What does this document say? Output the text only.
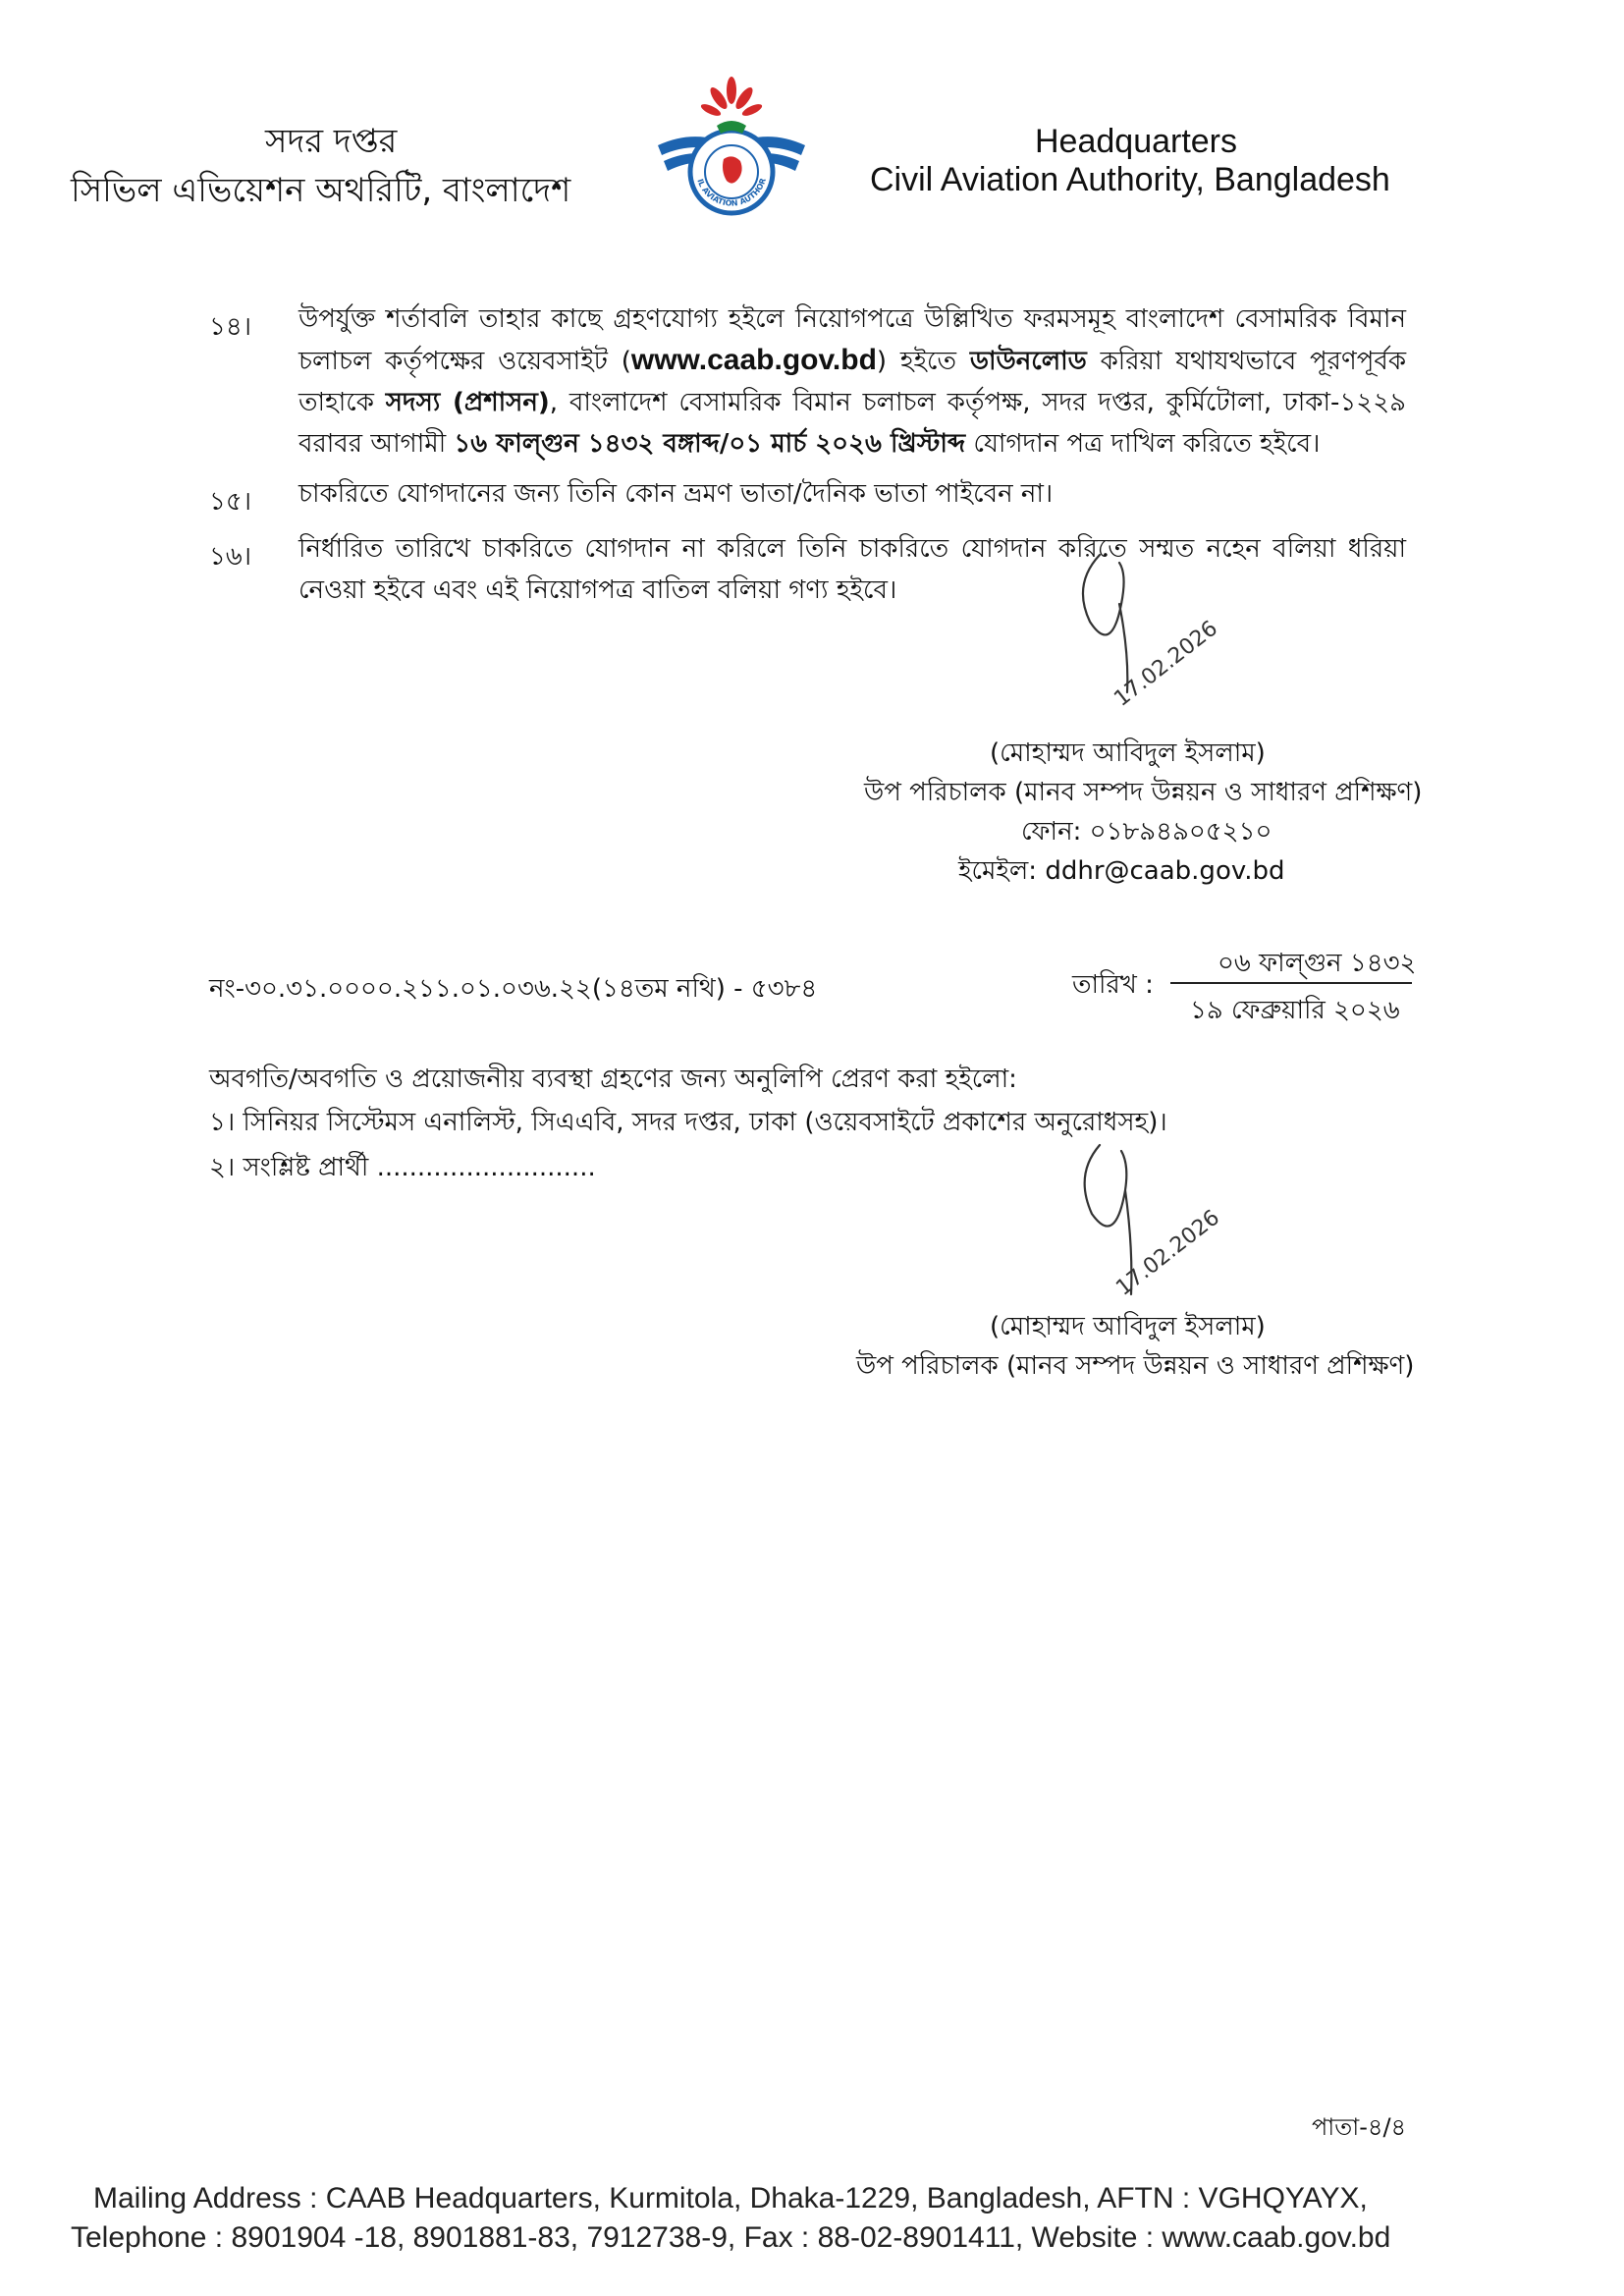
সদর দপ্তর
সিভিল এভিয়েশন অথরিটি, বাংলাদেশ
Headquarters
Civil Aviation Authority, Bangladesh
IL AVIATION AUTHOR
১৪। উপর্যুক্ত শর্তাবলি তাহার কাছে গ্রহণযোগ্য হইলে নিয়োগপত্রে উল্লিখিত ফরমসমূহ বাংলাদেশ বেসামরিক বিমান চলাচল কর্তৃপক্ষের ওয়েবসাইট (www.caab.gov.bd) হইতে ডাউনলোড করিয়া যথাযথভাবে পূরণপূর্বক তাহাকে সদস্য (প্রশাসন), বাংলাদেশ বেসামরিক বিমান চলাচল কর্তৃপক্ষ, সদর দপ্তর, কুর্মিটোলা, ঢাকা-১২২৯ বরাবর আগামী ১৬ ফাল্গুন ১৪৩২ বঙ্গাব্দ/০১ মার্চ ২০২৬ খ্রিস্টাব্দ যোগদান পত্র দাখিল করিতে হইবে।
১৫। চাকরিতে যোগদানের জন্য তিনি কোন ভ্রমণ ভাতা/দৈনিক ভাতা পাইবেন না।
১৬। নির্ধারিত তারিখে চাকরিতে যোগদান না করিলে তিনি চাকরিতে যোগদান করিতে সম্মত নহেন বলিয়া ধরিয়া নেওয়া হইবে এবং এই নিয়োগপত্র বাতিল বলিয়া গণ্য হইবে।
17.02.2026
(মোহাম্মদ আবিদুল ইসলাম)
উপ পরিচালক (মানব সম্পদ উন্নয়ন ও সাধারণ প্রশিক্ষণ)
ফোন: ০১৮৯৪৯০৫২১০
ইমেইল: ddhr@caab.gov.bd
নং-৩০.৩১.০০০০.২১১.০১.০৩৬.২২(১৪তম নথি) - ৫৩৮৪	তারিখ :
০৬ ফাল্গুন ১৪৩২
১৯ ফেব্রুয়ারি ২০২৬
অবগতি/অবগতি ও প্রয়োজনীয় ব্যবস্থা গ্রহণের জন্য অনুলিপি প্রেরণ করা হইলো:
১। সিনিয়র সিস্টেমস এনালিস্ট, সিএএবি, সদর দপ্তর, ঢাকা (ওয়েবসাইটে প্রকাশের অনুরোধসহ)।
২। সংশ্লিষ্ট প্রার্থী ...........................
17.02.2026
(মোহাম্মদ আবিদুল ইসলাম)
উপ পরিচালক (মানব সম্পদ উন্নয়ন ও সাধারণ প্রশিক্ষণ)
পাতা-৪/৪
Mailing Address : CAAB Headquarters, Kurmitola, Dhaka-1229, Bangladesh, AFTN : VGHQYAYX,
Telephone : 8901904 -18, 8901881-83, 7912738-9, Fax : 88-02-8901411, Website : www.caab.gov.bd
